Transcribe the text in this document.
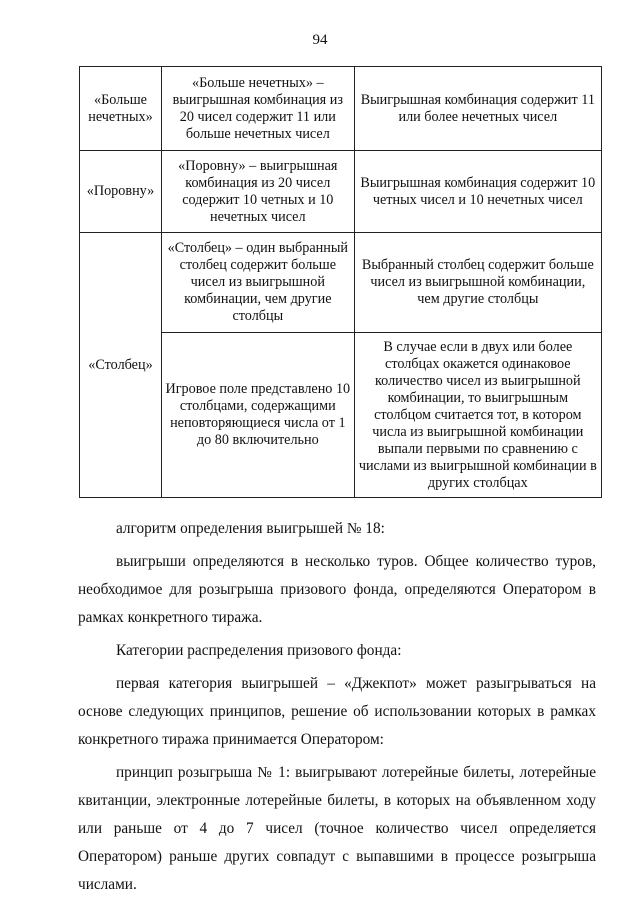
94
«Больше нечетных»	«Больше нечетных» – выигрышная комбинация из 20 чисел содержит 11 или больше нечетных чисел	Выигрышная комбинация содержит 11 или более нечетных чисел
«Поровну»	«Поровну» – выигрышная комбинация из 20 чисел содержит 10 четных и 10 нечетных чисел	Выигрышная комбинация содержит 10 четных чисел и 10 нечетных чисел
«Столбец»	«Столбец» – один выбранный столбец содержит больше чисел из выигрышной комбинации, чем другие столбцы	Выбранный столбец содержит больше чисел из выигрышной комбинации, чем другие столбцы
	Игровое поле представлено 10 столбцами, содержащими неповторяющиеся числа от 1 до 80 включительно	В случае если в двух или более столбцах окажется одинаковое количество чисел из выигрышной комбинации, то выигрышным столбцом считается тот, в котором числа из выигрышной комбинации выпали первыми по сравнению с числами из выигрышной комбинации в других столбцах

алгоритм определения выигрышей № 18:

выигрыши определяются в несколько туров. Общее количество туров, необходимое для розыгрыша призового фонда, определяются Оператором в рамках конкретного тиража.

Категории распределения призового фонда:

первая категория выигрышей – «Джекпот» может разыгрываться на основе следующих принципов, решение об использовании которых в рамках конкретного тиража принимается Оператором:

принцип розыгрыша № 1: выигрывают лотерейные билеты, лотерейные квитанции, электронные лотерейные билеты, в которых на объявленном ходу или раньше от 4 до 7 чисел (точное количество чисел определяется Оператором) раньше других совпадут с выпавшими в процессе розыгрыша числами.
